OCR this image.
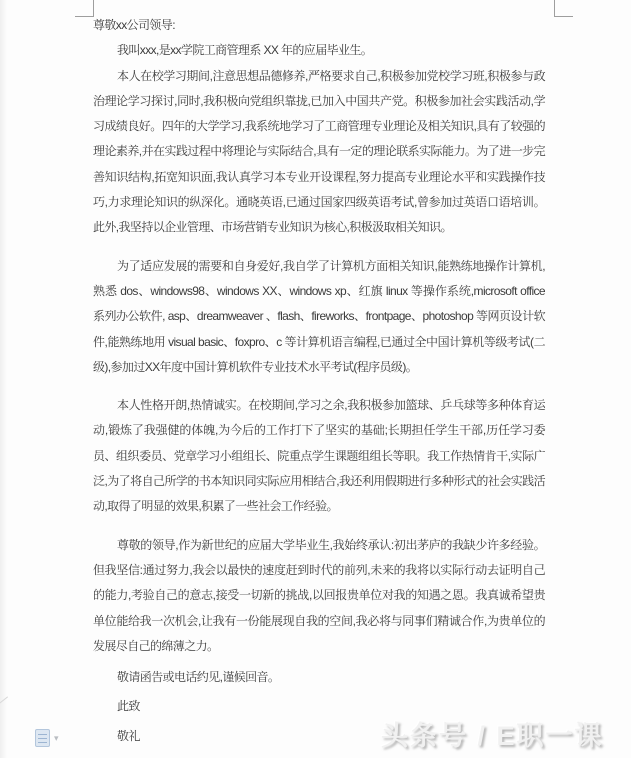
尊敬xx公司领导:

我叫xxx,是xx学院工商管理系 XX 年的应届毕业生。

本人在校学习期间,注意思想品德修养,严格要求自己,积极参加党校学习班,积极参与政治理论学习探讨,同时,我积极向党组织靠拢,已加入中国共产党。积极参加社会实践活动,学习成绩良好。四年的大学学习,我系统地学习了工商管理专业理论及相关知识,具有了较强的理论素养,并在实践过程中将理论与实际结合,具有一定的理论联系实际能力。为了进一步完善知识结构,拓宽知识面,我认真学习本专业开设课程,努力提高专业理论水平和实践操作技巧,力求理论知识的纵深化。通晓英语,已通过国家四级英语考试,曾参加过英语口语培训。此外,我坚持以企业管理、市场营销专业知识为核心,积极汲取相关知识。

为了适应发展的需要和自身爱好,我自学了计算机方面相关知识,能熟练地操作计算机,熟悉 dos、windows98、windows XX、windows xp、红旗 linux 等操作系统,microsoft office 系列办公软件, asp、dreamweaver 、flash、fireworks、frontpage、photoshop 等网页设计软件,能熟练地用 visual basic、foxpro、c 等计算机语言编程,已通过全中国计算机等级考试(二级),参加过XX年度中国计算机软件专业技术水平考试(程序员级)。

本人性格开朗,热情诚实。在校期间,学习之余,我积极参加篮球、乒乓球等多种体育运动,锻炼了我强健的体魄,为今后的工作打下了坚实的基础;长期担任学生干部,历任学习委员、组织委员、党章学习小组组长、院重点学生课题组组长等职。我工作热情肯干,实际广泛,为了将自己所学的书本知识同实际应用相结合,我还利用假期进行多种形式的社会实践活动,取得了明显的效果,积累了一些社会工作经验。

尊敬的领导,作为新世纪的应届大学毕业生,我始终承认:初出茅庐的我缺少许多经验。但我坚信:通过努力,我会以最快的速度赶到时代的前列,未来的我将以实际行动去证明自己的能力,考验自己的意志,接受一切新的挑战,以回报贵单位对我的知遇之恩。我真诚希望贵单位能给我一次机会,让我有一份能展现自我的空间,我必将与同事们精诚合作,为贵单位的发展尽自己的绵薄之力。

敬请函告或电话约见,谨候回音。

此致

敬礼

▾	头条号 / E职一课
